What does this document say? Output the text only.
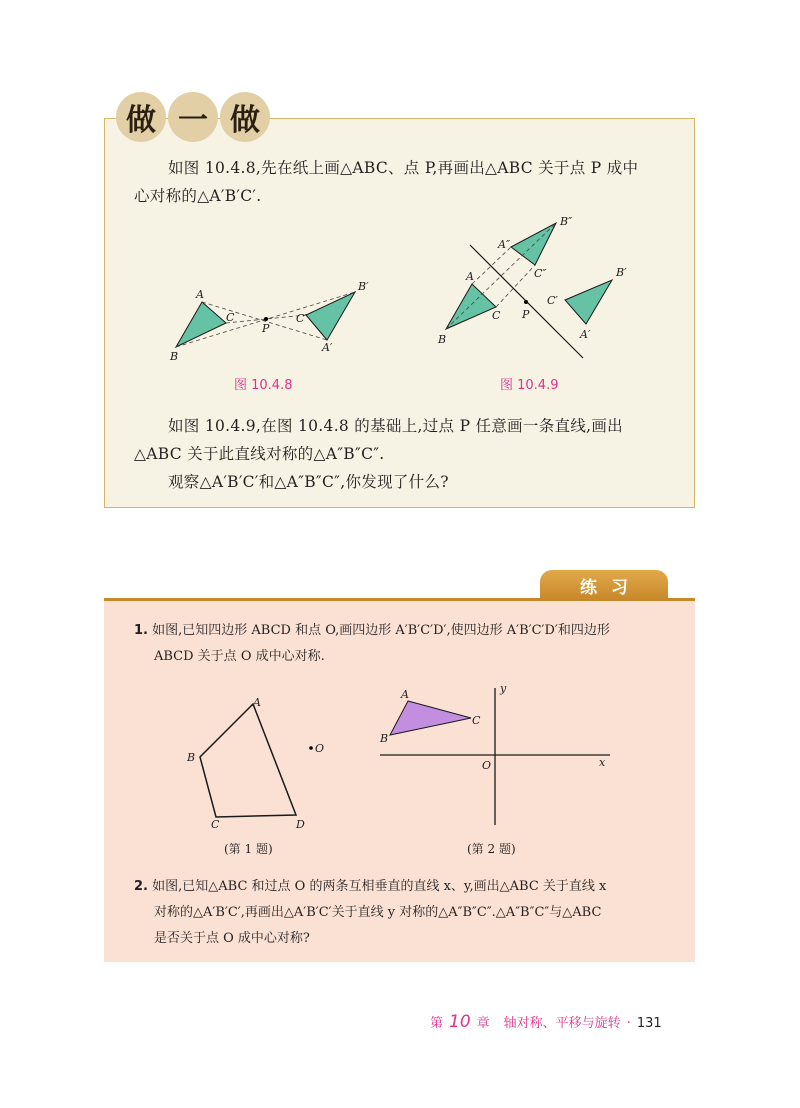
做 一 做
如图 10.4.8,先在纸上画△ABC、点 P,再画出△ABC 关于点 P 成中
心对称的△A′B′C′.
A
B
C
P
A′
B′
C′
A
B
C P
A″
B″
C″
A′
B′
C′
图 10.4.8	图 10.4.9
如图 10.4.9,在图 10.4.8 的基础上,过点 P 任意画一条直线,画出
△ABC 关于此直线对称的△A″B″C″.
观察△A′B′C′和△A″B″C″,你发现了什么?
练习
1. 如图,已知四边形 ABCD 和点 O,画四边形 A′B′C′D′,使四边形 A′B′C′D′和四边形
ABCD 关于点 O 成中心对称.
A
B
C	D
O
A
B
C
O	x
y
(第 1 题)	(第 2 题)
2. 如图,已知△ABC 和过点 O 的两条互相垂直的直线 x、y,画出△ABC 关于直线 x
对称的△A′B′C′,再画出△A′B′C′关于直线 y 对称的△A″B″C″.△A″B″C″与△ABC
是否关于点 O 成中心对称?
第 10 章 轴对称、平移与旋转 · 131
